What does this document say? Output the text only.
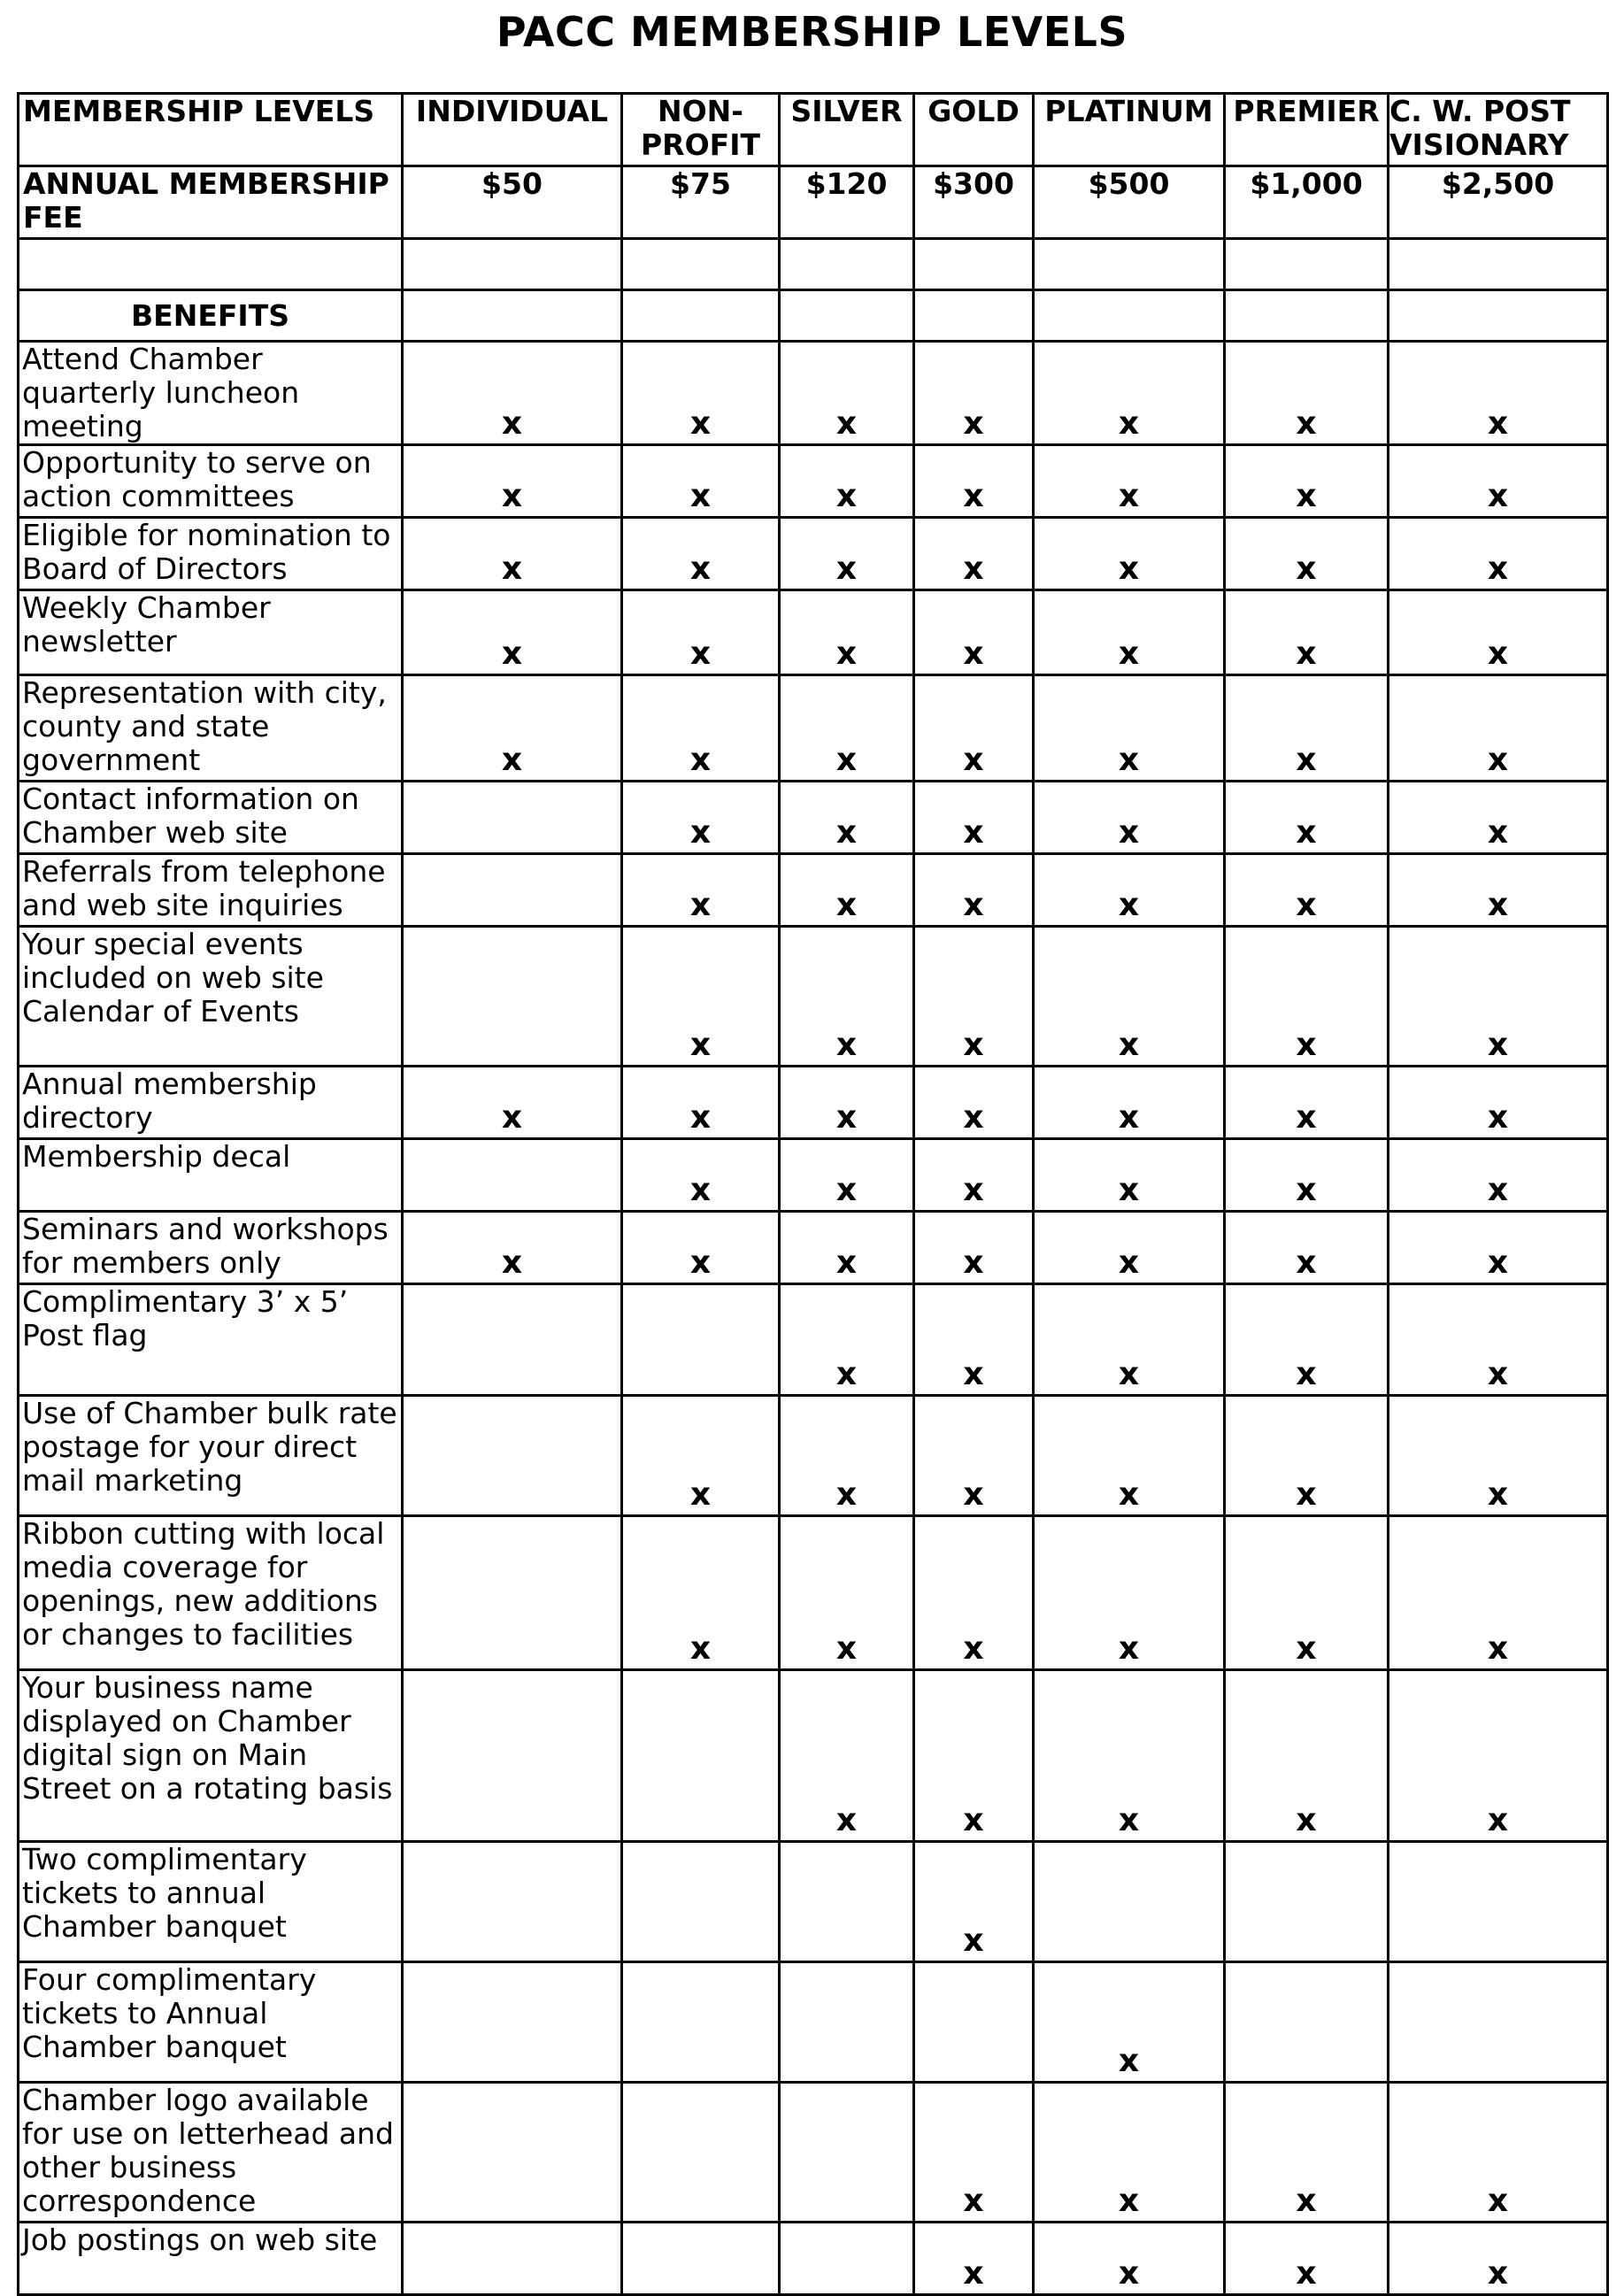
PACC MEMBERSHIP LEVELS
MEMBERSHIP LEVELS	INDIVIDUAL	NON-PROFIT	SILVER	GOLD	PLATINUM	PREMIER	C. W. POST VISIONARY
ANNUAL MEMBERSHIP FEE	$50	$75	$120	$300	$500	$1,000	$2,500

BENEFITS							
Attend Chamber quarterly luncheon meeting	x	x	x	x	x	x	x
Opportunity to serve on action committees	x	x	x	x	x	x	x
Eligible for nomination to Board of Directors	x	x	x	x	x	x	x
Weekly Chamber newsletter	x	x	x	x	x	x	x
Representation with city, county and state government	x	x	x	x	x	x	x
Contact information on Chamber web site		x	x	x	x	x	x
Referrals from telephone and web site inquiries		x	x	x	x	x	x
Your special events included on web site Calendar of Events		x	x	x	x	x	x
Annual membership directory	x	x	x	x	x	x	x
Membership decal		x	x	x	x	x	x
Seminars and workshops for members only	x	x	x	x	x	x	x
Complimentary 3’ x 5’ Post flag			x	x	x	x	x
Use of Chamber bulk rate postage for your direct mail marketing		x	x	x	x	x	x
Ribbon cutting with local media coverage for openings, new additions or changes to facilities		x	x	x	x	x	x
Your business name displayed on Chamber digital sign on Main Street on a rotating basis			x	x	x	x	x
Two complimentary tickets to annual Chamber banquet				x			
Four complimentary tickets to Annual Chamber banquet					x		
Chamber logo available for use on letterhead and other business correspondence				x	x	x	x
Job postings on web site				x	x	x	x
